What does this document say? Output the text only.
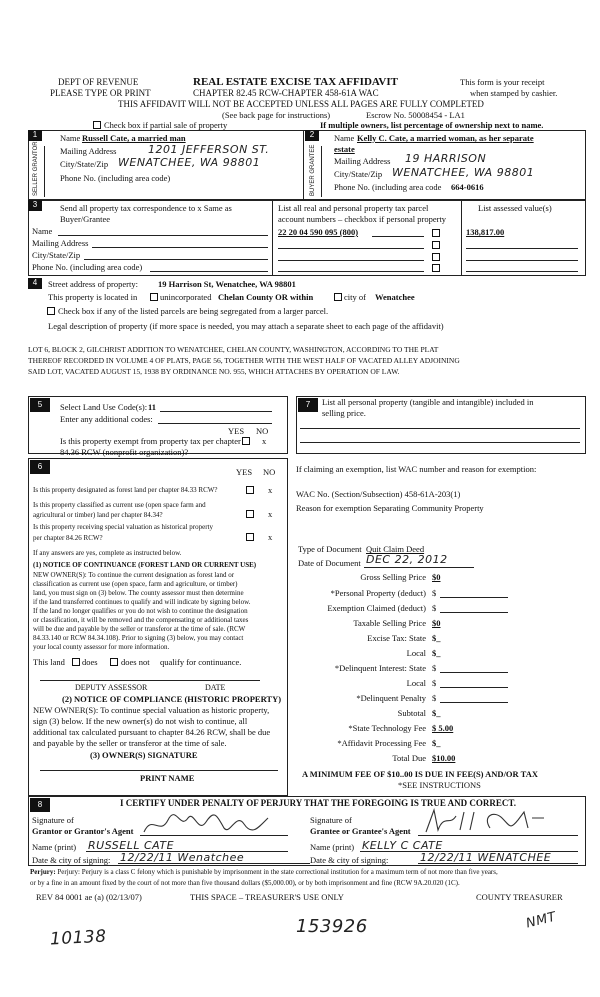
DEPT OF REVENUE
PLEASE TYPE OR PRINT
REAL ESTATE EXCISE TAX AFFIDAVIT
CHAPTER 82.45 RCW-CHAPTER 458-61A WAC
This form is your receipt
when stamped by cashier.
THIS AFFIDAVIT WILL NOT BE ACCEPTED UNLESS ALL PAGES ARE FULLY COMPLETED
(See back page for instructions)	Escrow No. 50008454 - LA1
Check box if partial sale of property	If multiple owners, list percentage of ownership next to name.
1
SELLER GRANTOR
Name Russell Cate, a married man
Mailing Address	1201 JEFFERSON ST.
City/State/Zip WENATCHEE, WA 98801
Phone No. (including area code)
2
BUYER GRANTEE
Name Kelly C. Cate, a married woman, as her separate
estate
Mailing Address 19 HARRISON
City/State/Zip WENATCHEE, WA 98801
Phone No. (including area code 664-0616
3	Send all property tax correspondence to x Same as
Buyer/Grantee
Name
Mailing Address
City/State/Zip
Phone No. (including area code)
List all real and personal property tax parcel
account numbers – checkbox if personal property
22 20 04 590 095 (800)
List assessed value(s)
138,817.00
4	Street address of property: 19 Harrison St, Wenatchee, WA 98801
This property is located in	unincorporated Chelan County OR within	city of Wenatchee
Check box if any of the listed parcels are being segregated from a larger parcel.
Legal description of property (if more space is needed, you may attach a separate sheet to each page of the affidavit)
LOT 6, BLOCK 2, GILCHRIST ADDITION TO WENATCHEE, CHELAN COUNTY, WASHINGTON, ACCORDING TO THE PLAT
THEREOF RECORDED IN VOLUME 4 OF PLATS, PAGE 56, TOGETHER WITH THE WEST HALF OF VACATED ALLEY ADJOINING
SAID LOT, VACATED AUGUST 15, 1938 BY ORDINANCE NO. 955, WHICH ATTACHES BY OPERATION OF LAW.
5	Select Land Use Code(s): 11
Enter any additional codes:
YES NO
Is this property exempt from property tax per chapter x
84.36 RCW (nonprofit organization)?
7	List all personal property (tangible and intangible) included in
selling price.
6
YES NO
Is this property designated as forest land per chapter 84.33 RCW?	x
Is this property classified as current use (open space farm and
agricultural or timber) land per chapter 84.34?	x
Is this property receiving special valuation as historical property
per chapter 84.26 RCW?	x
If any answers are yes, complete as instructed below.
(1) NOTICE OF CONTINUANCE (FOREST LAND OR CURRENT USE)
NEW OWNER(S): To continue the current designation as forest land or
classification as current use (open space, farm and agriculture, or timber)
land, you must sign on (3) below. The county assessor must then determine
if the land transferred continues to qualify and will indicate by signing below.
If the land no longer qualifies or you do not wish to continue the designation
or classification, it will be removed and the compensating or additional taxes
will be due and payable by the seller or transferor at the time of sale. (RCW
84.33.140 or RCW 84.34.108). Prior to signing (3) below, you may contact
your local county assessor for more information.
This land does	does not qualify for continuance.
DEPUTY ASSESSOR	DATE
(2) NOTICE OF COMPLIANCE (HISTORIC PROPERTY)
NEW OWNER(S): To continue special valuation as historic property,
sign (3) below. If the new owner(s) do not wish to continue, all
additional tax calculated pursuant to chapter 84.26 RCW, shall be due
and payable by the seller or transferor at the time of sale.
(3) OWNER(S) SIGNATURE
PRINT NAME
If claiming an exemption, list WAC number and reason for exemption:
WAC No. (Section/Subsection) 458-61A-203(1)
Reason for exemption Separating Community Property
Type of Document Quit Claim Deed
Date of Document DEC 22, 2012
Gross Selling Price $0
*Personal Property (deduct) $
Exemption Claimed (deduct) $
Taxable Selling Price $0
Excise Tax: State $_
Local $_
*Delinquent Interest: State $
Local $
*Delinquent Penalty $
Subtotal $_
*State Technology Fee $ 5.00
*Affidavit Processing Fee $_
Total Due $10.00
A MINIMUM FEE OF $10..00 IS DUE IN FEE(S) AND/OR TAX
*SEE INSTRUCTIONS
8	I CERTIFY UNDER PENALTY OF PERJURY THAT THE FOREGOING IS TRUE AND CORRECT.
Signature of
Grantor or Grantor's Agent
Name (print) RUSSELL CATE
Date & city of signing: 12/22/11 Wenatchee
Signature of
Grantee or Grantee's Agent
Name (print) KELLY C CATE
Date & city of signing:	12/22/11 WENATCHEE
Perjury: Perjury: Perjury is a class C felony which is punishable by imprisonment in the state correctional institution for a maximum term of not more than five years,
or by a fine in an amount fixed by the court of not more than five thousand dollars ($5,000.00), or by both imprisonment and fine (RCW 9A.20.020 (1C).
REV 84 0001 ae (a) (02/13/07)	THIS SPACE – TREASURER'S USE ONLY	COUNTY TREASURER
10138
153926	NMT
